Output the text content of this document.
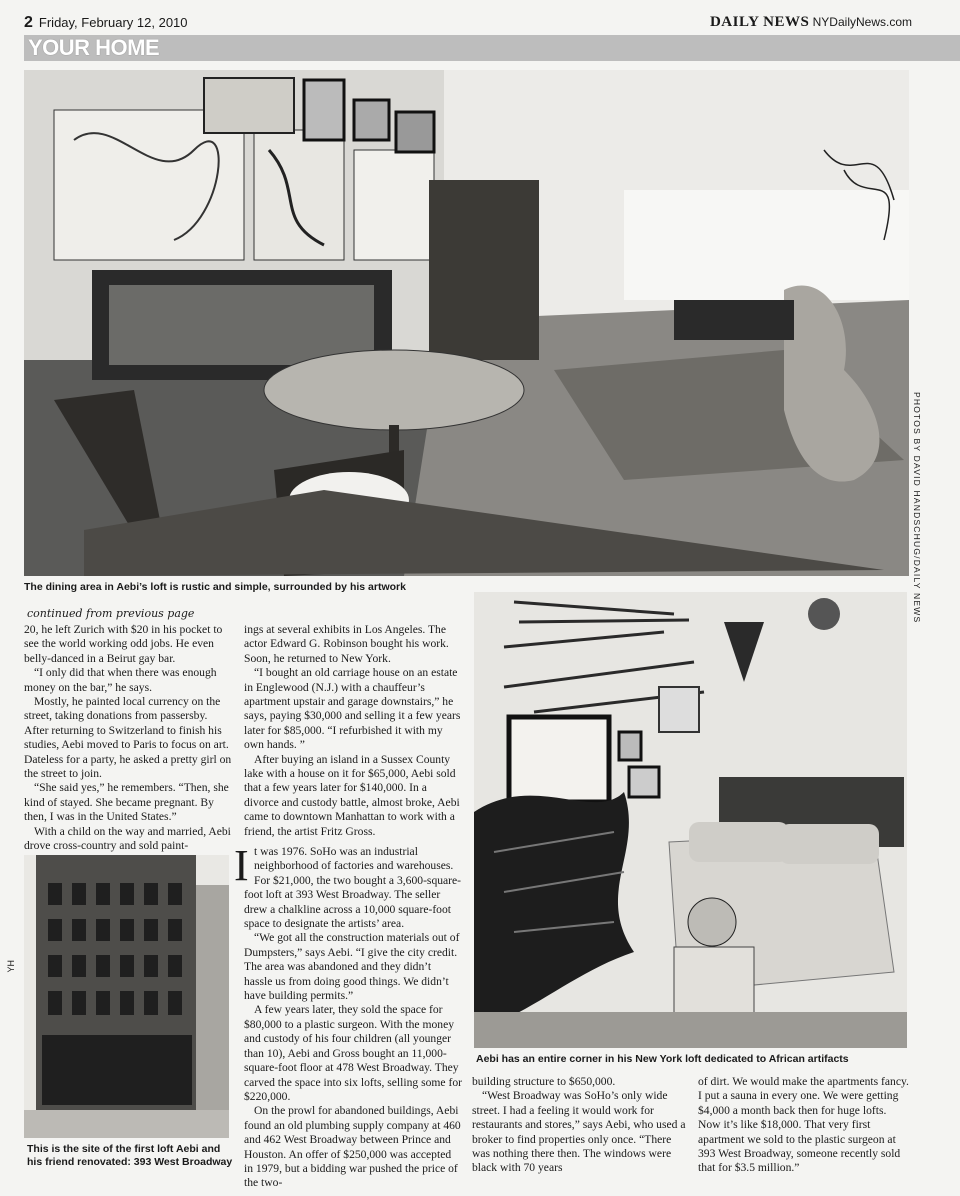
2 Friday, February 12, 2010	DAILY NEWS NYDailyNews.com
YOUR HOME
PHOTOS BY DAVID HANDSCHUG/DAILY NEWS
The dining area in Aebi’s loft is rustic and simple, surrounded by his artwork
continued from previous page

20, he left Zurich with $20 in his pocket to see the world working odd jobs. He even belly-danced in a Beirut gay bar.

“I only did that when there was enough money on the bar,” he says.

Mostly, he painted local currency on the street, taking donations from passersby. After returning to Switzerland to finish his studies, Aebi moved to Paris to focus on art. Dateless for a party, he asked a pretty girl on the street to join.

“She said yes,” he remembers. “Then, she kind of stayed. She became pregnant. By then, I was in the United States.”

With a child on the way and married, Aebi drove cross-country and sold paint-

YH
This is the site of the first loft Aebi and
his friend renovated: 393 West Broadway

ings at several exhibits in Los Angeles. The actor Edward G. Robinson bought his work. Soon, he returned to New York.

“I bought an old carriage house on an estate in Englewood (N.J.) with a chauffeur’s apartment upstair and garage downstairs,” he says, paying $30,000 and selling it a few years later for $85,000. “I refurbished it with my own hands. ”

After buying an island in a Sussex County lake with a house on it for $65,000, Aebi sold that a few years later for $140,000. In a divorce and custody battle, almost broke, Aebi came to downtown Manhattan to work with a friend, the artist Fritz Gross.

It was 1976. SoHo was an industrial neighborhood of factories and warehouses. For $21,000, the two bought a 3,600-square-foot loft at 393 West Broadway. The seller drew a chalkline across a 10,000 square-foot space to designate the artists’ area.

“We got all the construction materials out of Dumpsters,” says Aebi. “I give the city credit. The area was abandoned and they didn’t hassle us from doing good things. We didn’t have building permits.”

A few years later, they sold the space for $80,000 to a plastic surgeon. With the money and custody of his four children (all younger than 10), Aebi and Gross bought an 11,000-square-foot floor at 478 West Broadway. They carved the space into six lofts, selling some for $220,000.

On the prowl for abandoned buildings, Aebi found an old plumbing supply company at 460 and 462 West Broadway between Prince and Houston. An offer of $250,000 was accepted in 1979, but a bidding war pushed the price of the two-

Aebi has an entire corner in his New York loft dedicated to African artifacts

building structure to $650,000.

“West Broadway was SoHo’s only wide street. I had a feeling it would work for restaurants and stores,” says Aebi, who used a broker to find properties only once. “There was nothing there then. The windows were black with 70 years

of dirt. We would make the apartments fancy. I put a sauna in every one. We were getting $4,000 a month back then for huge lofts. Now it’s like $18,000. That very first apartment we sold to the plastic surgeon at 393 West Broadway, someone recently sold that for $3.5 million.”
